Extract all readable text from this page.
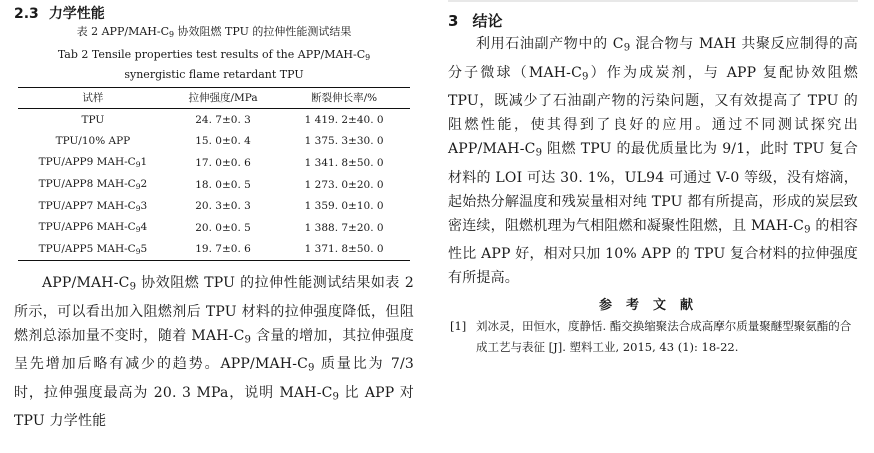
2.3 力学性能
表 2 APP/$MAH-C_9$ 协效阻燃 TPU 的拉伸性能测试结果
Tab 2 Tensile properties test results of the APP/$MAH-C_9$
synergistic flame retardant TPU
试样	拉伸强度/MPa	断裂伸长率/%
TPU	24. 7±0. 3	1 419. 2±40. 0
TPU/10% APP	15. 0±0. 4	1 375. 3±30. 0
TPU/APP9 MAH-$C_91$	17. 0±0. 6	1 341. 8±50. 0
TPU/APP8 MAH-$C_92$	18. 0±0. 5	1 273. 0±20. 0
TPU/APP7 MAH-$C_93$	20. 3±0. 3	1 359. 0±10. 0
TPU/APP6 MAH-$C_94$	20. 0±0. 5	1 388. 7±20. 0
TPU/APP5 MAH-$C_95$	19. 7±0. 6	1 371. 8±50. 0
APP/$MAH-C_9$ 协效阻燃 TPU 的拉伸性能测试结果如表 2 所示，可以看出加入阻燃剂后 TPU 材料的拉伸强度降低，但阻燃剂总添加量不变时，随着 MAH-$C_9$ 含量的增加，其拉伸强度呈先增加后略有减少的趋势。APP/$MAH-C_9$ 质量比为 7/3 时，拉伸强度最高为 20. 3 MPa，说明 MAH-$C_9$ 比 APP 对 TPU 力学性能
3 结论
利用石油副产物中的 $C_9$ 混合物与 MAH 共聚反应制得的高分子微球$(MAH-C_9)$作为成炭剂，与 APP 复配协效阻燃 TPU，既减少了石油副产物的污染问题，又有效提高了 TPU 的阻燃性能，使其得到了良好的应用。通过不同测试探究出 APP/$MAH-C_9$ 阻燃 TPU 的最优质量比为 9/1，此时 TPU 复合材料的 LOI 可达 30. 1%，UL94 可通过 V-0 等级，没有熔滴，起始热分解温度和残炭量相对纯 TPU 都有所提高，形成的炭层致密连续，阻燃机理为气相阻燃和凝聚性阻燃，且 MAH-$C_9$ 的相容性比 APP 好，相对只加 10% APP 的 TPU 复合材料的拉伸强度有所提高。
参考文献
[1] 刘冰灵，田恒水，度静恬. 酯交换缩聚法合成高摩尔质量聚醚型聚氨酯的合成工艺与表征 [J]. 塑料工业, 2015, 43 (1): 18-22.
